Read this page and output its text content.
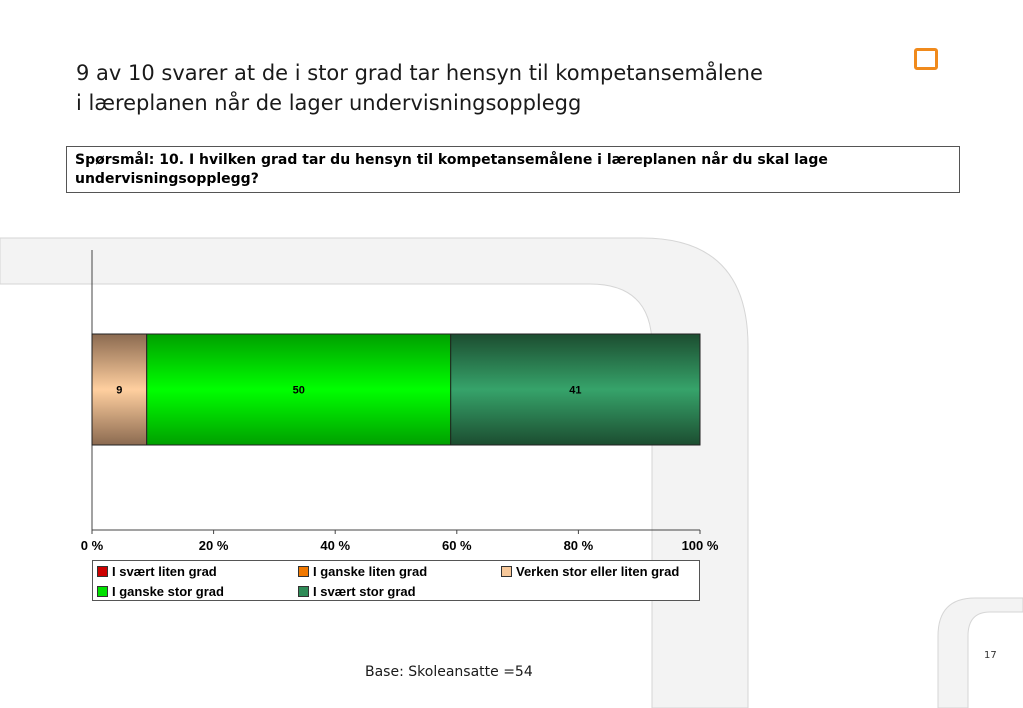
0 %	20 %	40 %	60 %	80 %	100 %
9	50	41
9 av 10 svarer at de i stor grad tar hensyn til kompetansemålene
i læreplanen når de lager undervisningsopplegg
Spørsmål: 10. I hvilken grad tar du hensyn til kompetansemålene i læreplanen når du skal lage undervisningsopplegg?
I svært liten grad	I ganske liten grad	Verken stor eller liten grad
I ganske stor grad	I svært stor grad
Base: Skoleansatte =54
17
